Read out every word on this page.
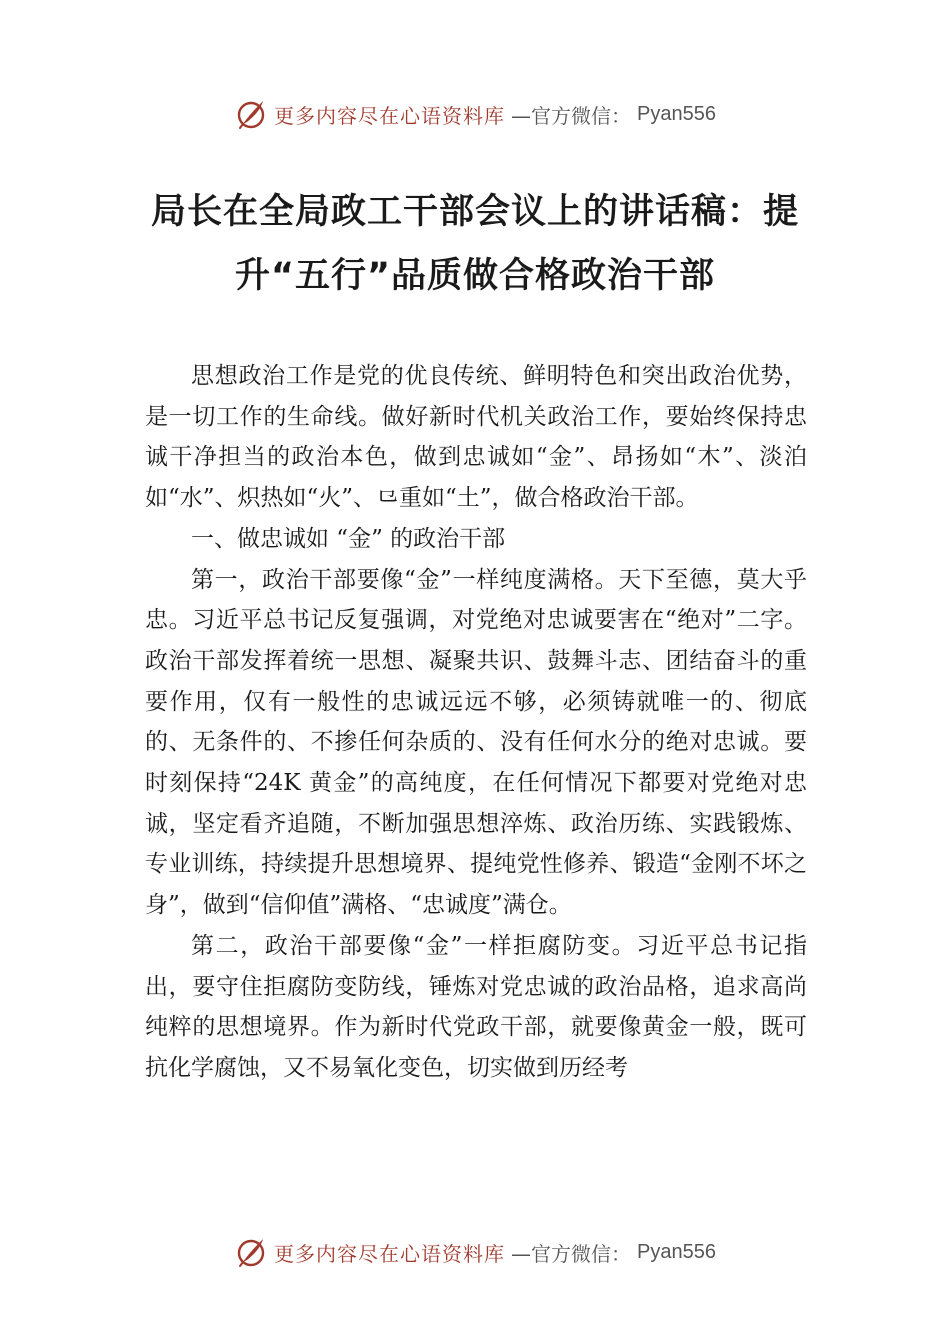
更多内容尽在心语资料库 —官方微信： Pyan556
局长在全局政工干部会议上的讲话稿：提升“五行”品质做合格政治干部

思想政治工作是党的优良传统、鲜明特色和突出政治优势，是一切工作的生命线。做好新时代机关政治工作，要始终保持忠诚干净担当的政治本色，做到忠诚如“金”、昂扬如“木”、淡泊如“水”、炽热如“火”、⺋重如“土”，做合格政治干部。

一、做忠诚如 “金” 的政治干部

第一，政治干部要像“金”一样纯度满格。天下至德，莫大乎忠。习近平总书记反复强调，对党绝对忠诚要害在“绝对”二字。政治干部发挥着统一思想、凝聚共识、鼓舞斗志、团结奋斗的重要作用，仅有一般性的忠诚远远不够，必须铸就唯一的、彻底的、无条件的、不掺任何杂质的、没有任何水分的绝对忠诚。要时刻保持“24K 黄金”的高纯度，在任何情况下都要对党绝对忠诚，坚定看齐追随，不断加强思想淬炼、政治历练、实践锻炼、专业训练，持续提升思想境界、提纯党性修养、锻造“金刚不坏之身”，做到“信仰值”满格、“忠诚度”满仓。

第二，政治干部要像“金”一样拒腐防变。习近平总书记指出，要守住拒腐防变防线，锤炼对党忠诚的政治品格，追求高尚纯粹的思想境界。作为新时代党政干部，就要像黄金一般，既可抗化学腐蚀，又不易氧化变色，切实做到历经考

更多内容尽在心语资料库 —官方微信： Pyan556
